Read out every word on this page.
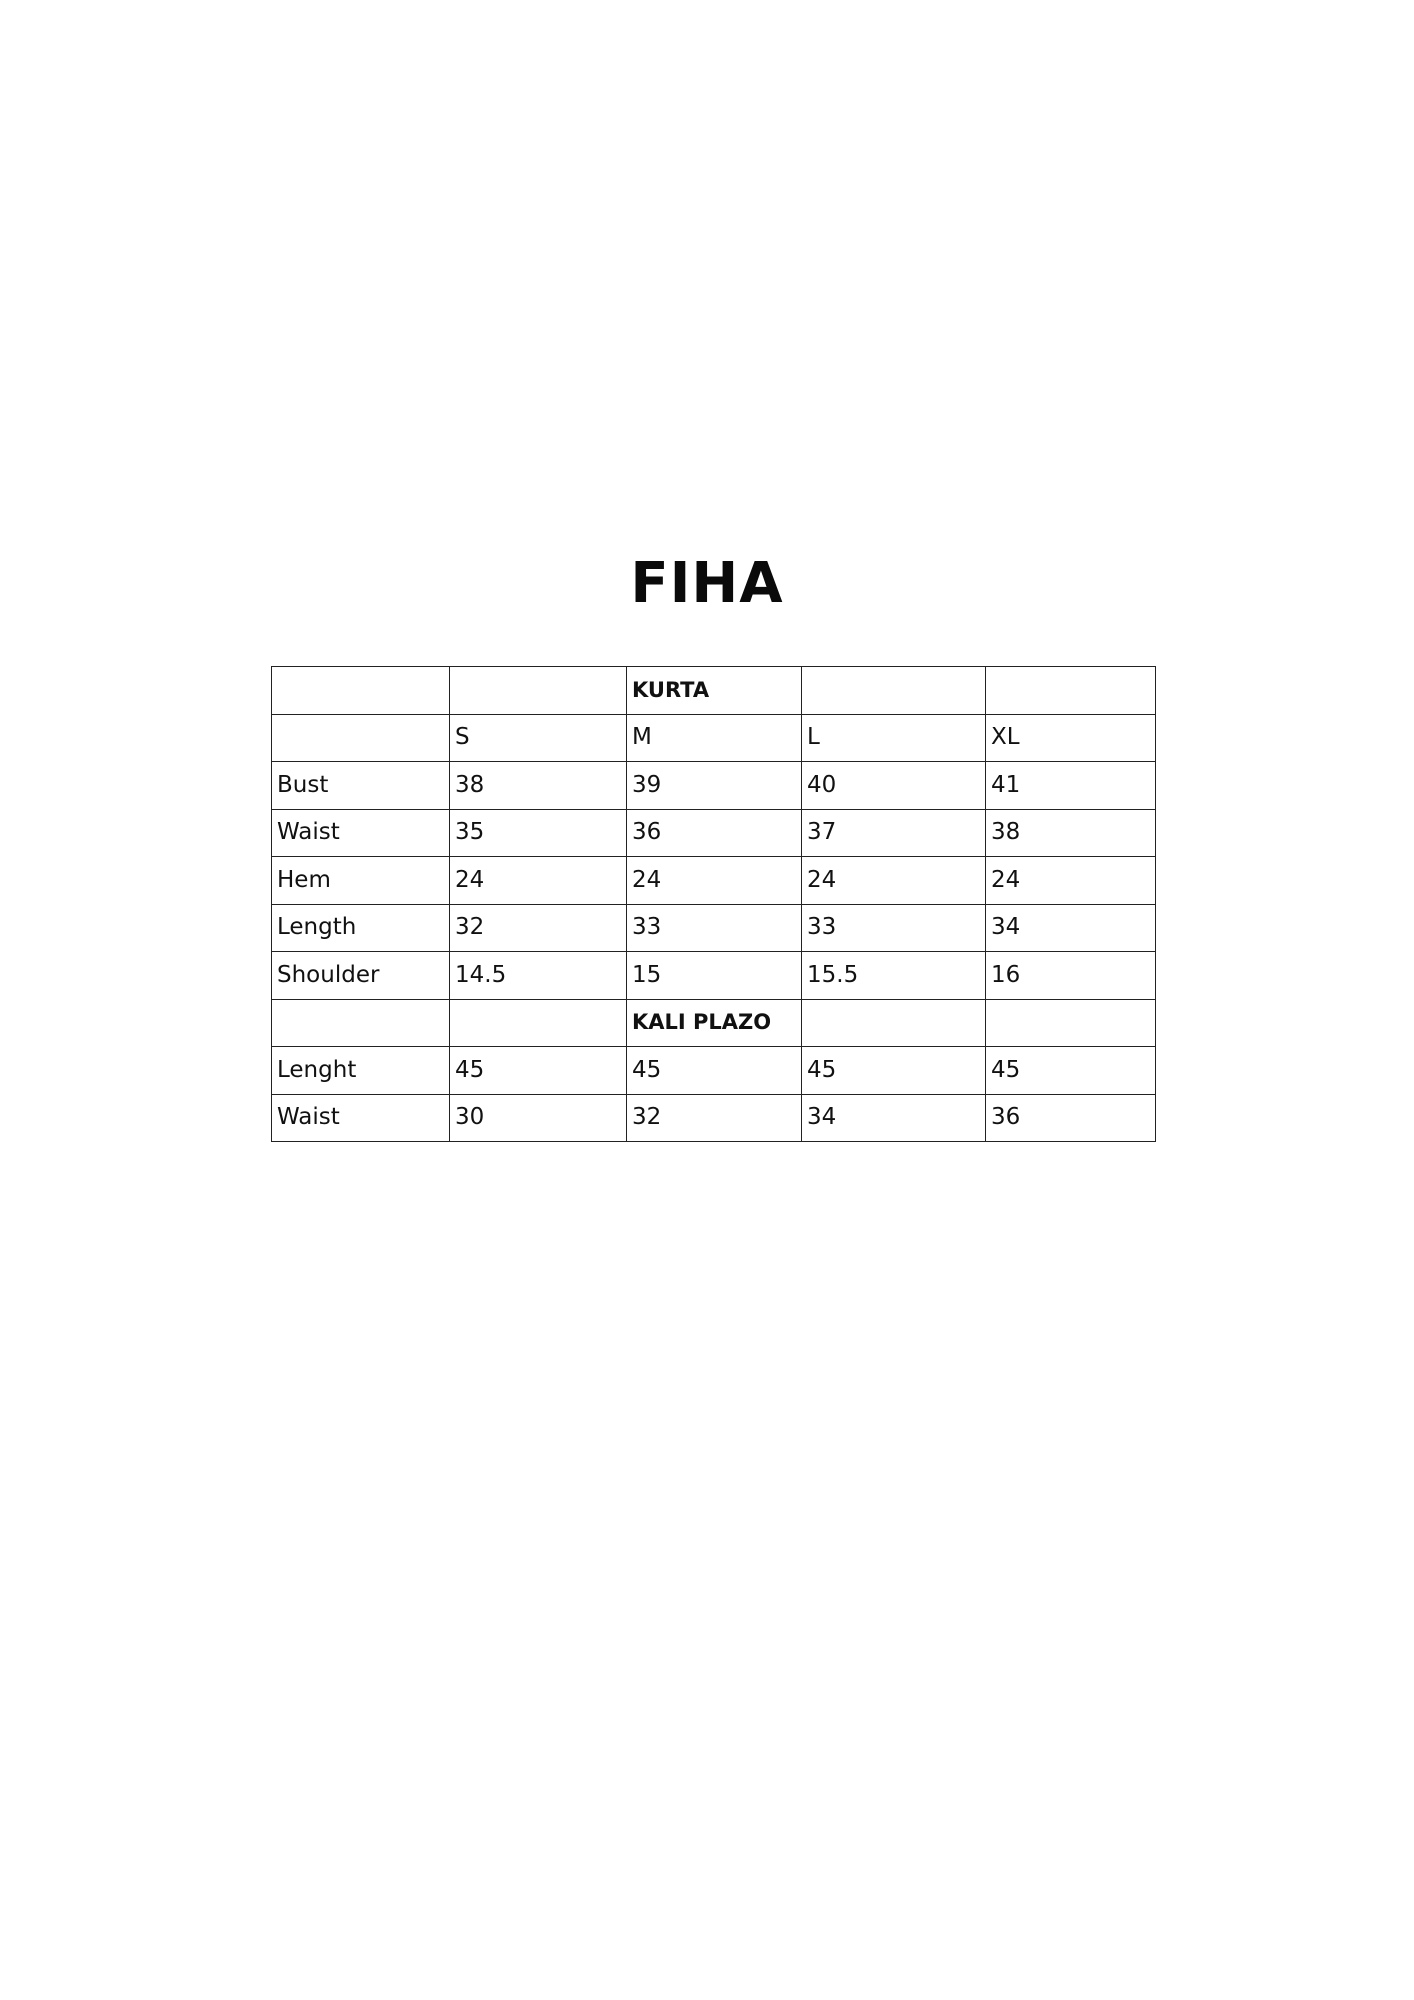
FIHA
		KURTA		
	S	M	L	XL
Bust	38	39	40	41
Waist	35	36	37	38
Hem	24	24	24	24
Length	32	33	33	34
Shoulder	14.5	15	15.5	16
		KALI PLAZO		
Lenght	45	45	45	45
Waist	30	32	34	36
